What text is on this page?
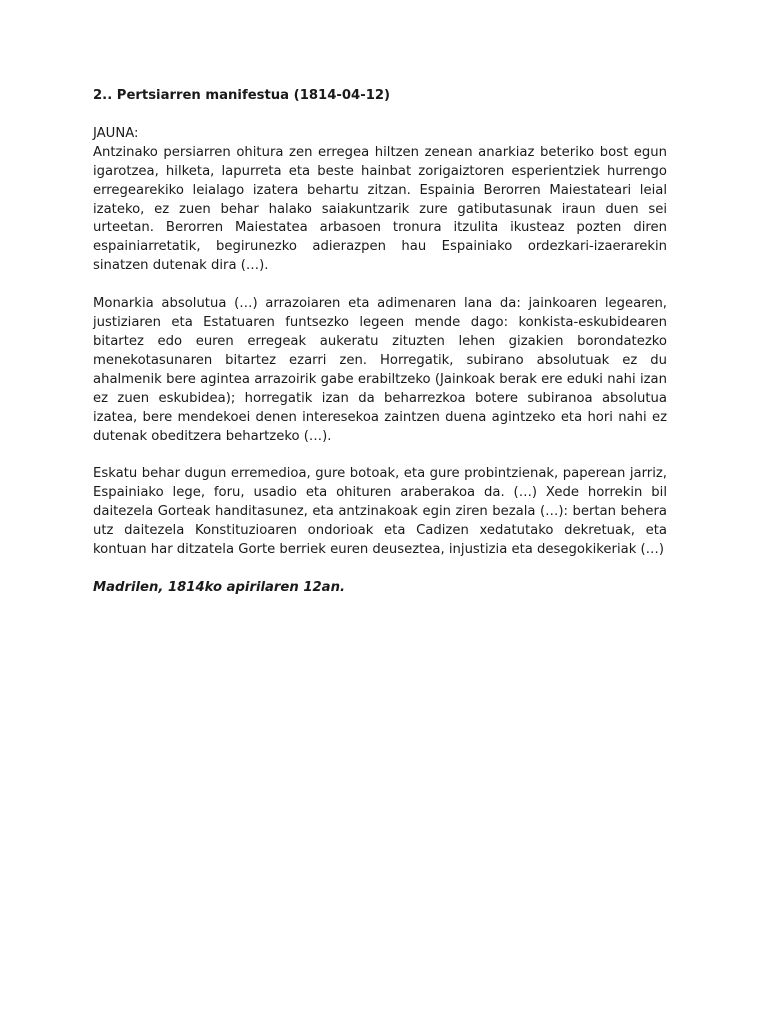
2.. Pertsiarren manifestua (1814-04-12)

JAUNA:

Antzinako persiarren ohitura zen erregea hiltzen zenean anarkiaz beteriko bost egun igarotzea, hilketa, lapurreta eta beste hainbat zorigaiztoren esperientziek hurrengo erregearekiko leialago izatera behartu zitzan. Espainia Berorren Maiestateari leial izateko, ez zuen behar halako saiakuntzarik zure gatibutasunak iraun duen sei urteetan. Berorren Maiestatea arbasoen tronura itzulita ikusteaz pozten diren espainiarretatik, begirunezko adierazpen hau Espainiako ordezkari-izaerarekin sinatzen dutenak dira (…).

Monarkia absolutua (…) arrazoiaren eta adimenaren lana da: jainkoaren legearen, justiziaren eta Estatuaren funtsezko legeen mende dago: konkista-eskubidearen bitartez edo euren erregeak aukeratu zituzten lehen gizakien borondatezko menekotasunaren bitartez ezarri zen. Horregatik, subirano absolutuak ez du ahalmenik bere agintea arrazoirik gabe erabiltzeko (Jainkoak berak ere eduki nahi izan ez zuen eskubidea); horregatik izan da beharrezkoa botere subiranoa absolutua izatea, bere mendekoei denen interesekoa zaintzen duena agintzeko eta hori nahi ez dutenak obeditzera behartzeko (…).

Eskatu behar dugun erremedioa, gure botoak, eta gure probintzienak, paperean jarriz, Espainiako lege, foru, usadio eta ohituren araberakoa da. (…) Xede horrekin bil daitezela Gorteak handitasunez, eta antzinakoak egin ziren bezala (…): bertan behera utz daitezela Konstituzioaren ondorioak eta Cadizen xedatutako dekretuak, eta kontuan har ditzatela Gorte berriek euren deuseztea, injustizia eta desegokikeriak (…)

Madrilen, 1814ko apirilaren 12an.
